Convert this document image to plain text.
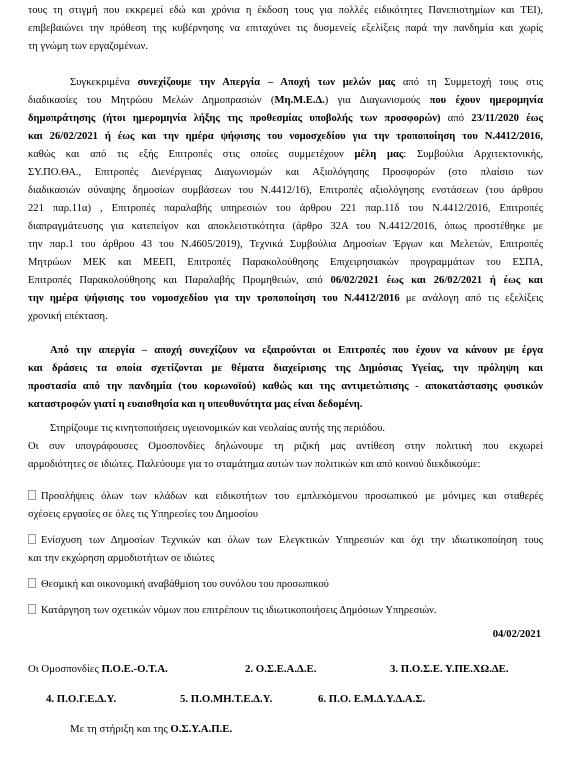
τους τη στιγμή που εκκρεμεί εδώ και χρόνια η έκδοση τους για πολλές ειδικότητες Πανεπιστημίων και ΤΕΙ),
επιβεβαιώνει την πρόθεση της κυβέρνησης να επιταχύνει τις δυσμενείς εξελίξεις παρά την πανδημία και χωρίς
τη γνώμη των εργαζομένων.
Συγκεκριμένα συνεχίζουμε την Απεργία – Αποχή των μελών μας από τη Συμμετοχή τους στις
διαδικασίες του Μητρώου Μελών Δημοπρασιών (Μη.Μ.Ε.Δ.) για Διαγωνισμούς που έχουν ημερομηνία
δημοπράτησης (ήτοι ημερομηνία λήξης της προθεσμίας υποβολής των προσφορών) από 23/11/2020 έως
και 26/02/2021 ή έως και την ημέρα ψήφισης του νομοσχεδίου για την τροποποίηση του Ν.4412/2016,
καθώς και από τις εξής Επιτροπές στις οποίες συμμετέχουν μέλη μας: Συμβούλια Αρχιτεκτονικής,
ΣΥ.ΠΟ.ΘΑ., Επιτροπές Διενέργειας Διαγωνισμών και Αξιολόγησης Προσφορών (στο πλαίσιο των
διαδικασιών σύναψης δημοσίων συμβάσεων του Ν.4412/16), Επιτροπές αξιολόγησης ενστάσεων (του άρθρου
221 παρ.11α) , Επιτροπές παραλαβής υπηρεσιών του άρθρου 221 παρ.11δ του Ν.4412/2016, Επιτροπές
διαπραγμάτευσης για κατεπείγον και αποκλειστικότητα (άρθρο 32Α του Ν.4412/2016, όπως προστέθηκε με
την παρ.1 του άρθρου 43 του Ν.4605/2019), Τεχνικά Συμβούλια Δημοσίων Έργων και Μελετών, Επιτροπές
Μητρώων ΜΕΚ και ΜΕΕΠ, Επιτροπές Παρακολούθησης Επιχειρησιακών προγραμμάτων του ΕΣΠΑ,
Επιτροπές Παρακολούθησης και Παραλαβής Προμηθειών, από 06/02/2021 έως και 26/02/2021 ή έως και
την ημέρα ψήφισης του νομοσχεδίου για την τροποποίηση του Ν.4412/2016 με ανάλογη από τις εξελίξεις
χρονική επέκταση.
Από την απεργία – αποχή συνεχίζουν να εξαιρούνται οι Επιτροπές που έχουν να κάνουν με έργα
και δράσεις τα οποία σχετίζονται με θέματα διαχείρισης της Δημόσιας Υγείας, την πρόληψη και
προστασία από την πανδημία (του κορωνοϊού) καθώς και της αντιμετώπισης - αποκατάστασης φυσικών
καταστροφών γιατί η ευαισθησία και η υπευθυνότητα μας είναι δεδομένη.
Στηρίζουμε τις κινητοποιήσεις υγειονομικών και νεολαίας αυτής της περιόδου.
Οι συν υπογράφουσες Ομοσπονδίες δηλώνουμε τη ριζική μας αντίθεση στην πολιτική που εκχωρεί
αρμοδιότητες σε ιδιώτες. Παλεύουμε για το σταμάτημα αυτών των πολιτικών και από κοινού διεκδικούμε:
Προσλήψεις όλων των κλάδων και ειδικοτήτων του εμπλεκόμενου προσωπικού με μόνιμες και σταθερές
σχέσεις εργασίες σε όλες τις Υπηρεσίες του Δημοσίου
Ενίσχυση των Δημοσίων Τεχνικών και όλων των Ελεγκτικών Υπηρεσιών και όχι την ιδιωτικοποίηση τους
και την εκχώρηση αρμοδιοτήτων σε ιδιώτες
Θεσμική και οικονομική αναβάθμιση του συνόλου του προσωπικού
Κατάργηση των σχετικών νόμων που επιτρέπουν τις ιδιωτικοποιήσεις Δημόσιων Υπηρεσιών.
04/02/2021
Οι Ομοσπονδίες Π.Ο.Ε.-Ο.Τ.Α.	2. Ο.Σ.Ε.Α.Δ.Ε.	3. Π.Ο.Σ.Ε. Υ.ΠΕ.ΧΩ.ΔΕ.
4. Π.Ο.Γ.Ε.Δ.Υ.	5. Π.Ο.ΜΗ.Τ.Ε.Δ.Υ.	6. Π.Ο. Ε.Μ.Δ.Υ.Δ.Α.Σ.
Με τη στήριξη και της Ο.Σ.Υ.Α.Π.Ε.
